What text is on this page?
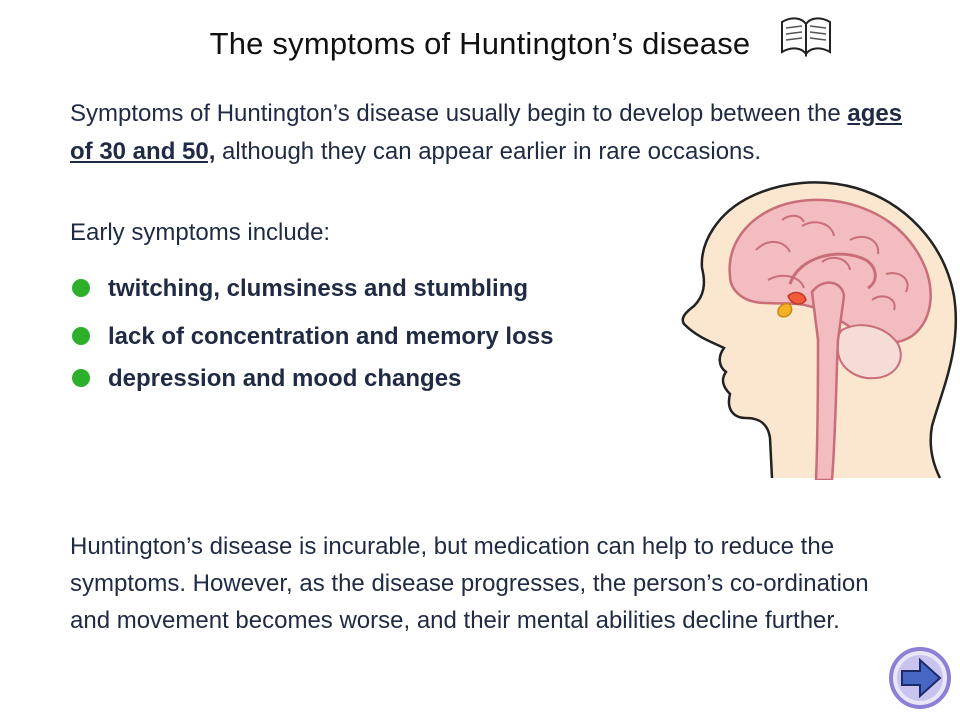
The symptoms of Huntington’s disease
Symptoms of Huntington’s disease usually begin to develop between the ages of 30 and 50, although they can appear earlier in rare occasions.
Early symptoms include:
twitching, clumsiness and stumbling
lack of concentration and memory loss
depression and mood changes
Huntington’s disease is incurable, but medication can help to reduce the symptoms. However, as the disease progresses, the person’s co-ordination and movement becomes worse, and their mental abilities decline further.
